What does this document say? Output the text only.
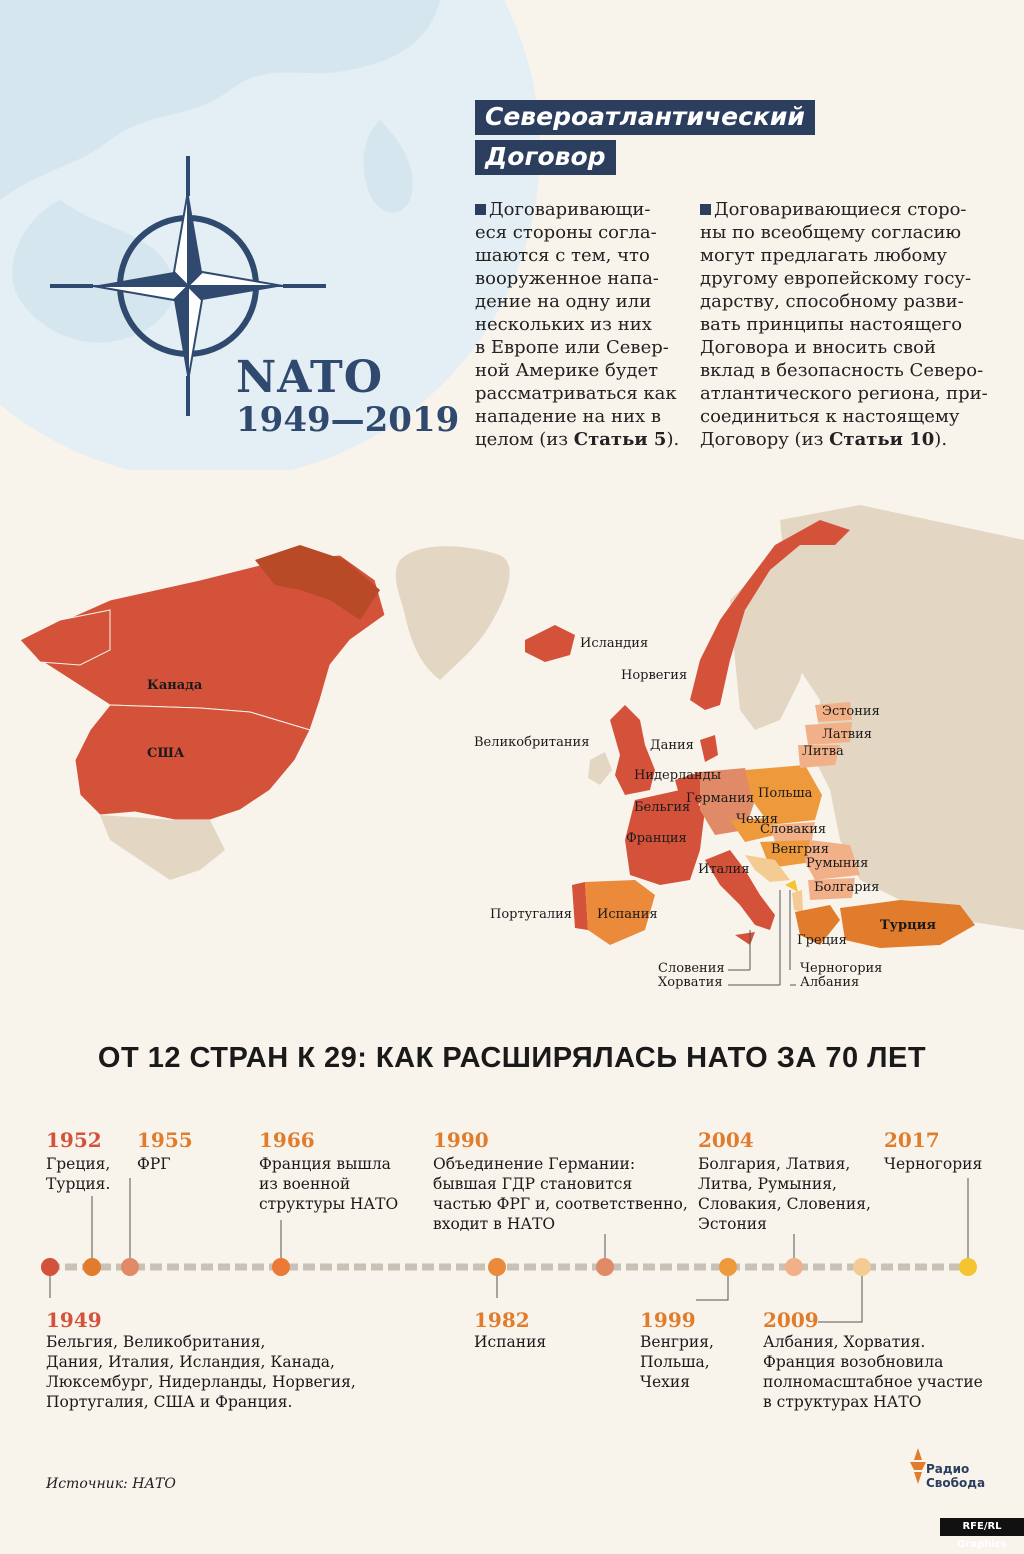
NATO
1949—2019
Североатлантический
Договор
Договаривающи-
еся стороны согла-
шаются с тем, что
вооруженное напа-
дение на одну или
нескольких из них
в Европе или Север-
ной Америке будет
рассматриваться как
нападение на них в
целом (из Статьи 5).
Договаривающиеся сторо-
ны по всеобщему согласию
могут предлагать любому
другому европейскому госу-
дарству, способному разви-
вать принципы настоящего
Договора и вносить свой
вклад в безопасность Северо-
атлантического региона, при-
соединиться к настоящему
Договору (из Статьи 10).
Канада
США
Исландия
Норвегия
Великобритания	Дания
Нидерланды
Бельгия
Германия
Франция
Италия
Португалия Испания
Польша
Чехия
Словакия
Венгрия
Румыния
Болгария
Турция
Греция
Эстония
Латвия
Литва
Словения
Хорватия
Черногория
Албания
ОТ 12 СТРАН К 29: КАК РАСШИРЯЛАСЬ НАТО ЗА 70 ЛЕТ
1952
Греция,
Турция.
1955
ФРГ
1966
Франция вышла
из военной
структуры НАТО
1990
Объединение Германии:
бывшая ГДР становится
частью ФРГ и, соответственно,
входит в НАТО
2004
Болгария, Латвия,
Литва, Румыния,
Словакия, Словения,
Эстония
2017
Черногория
1949
Бельгия, Великобритания,
Дания, Италия, Исландия, Канада,
Люксембург, Нидерланды, Норвегия,
Португалия, США и Франция.
1982
Испания
1999
Венгрия,
Польша,
Чехия
2009
Албания, Хорватия.
Франция возобновила
полномасштабное участие
в структурах НАТО
Источник: НАТО
Радио
Свобода
RFE/RL Graphics
